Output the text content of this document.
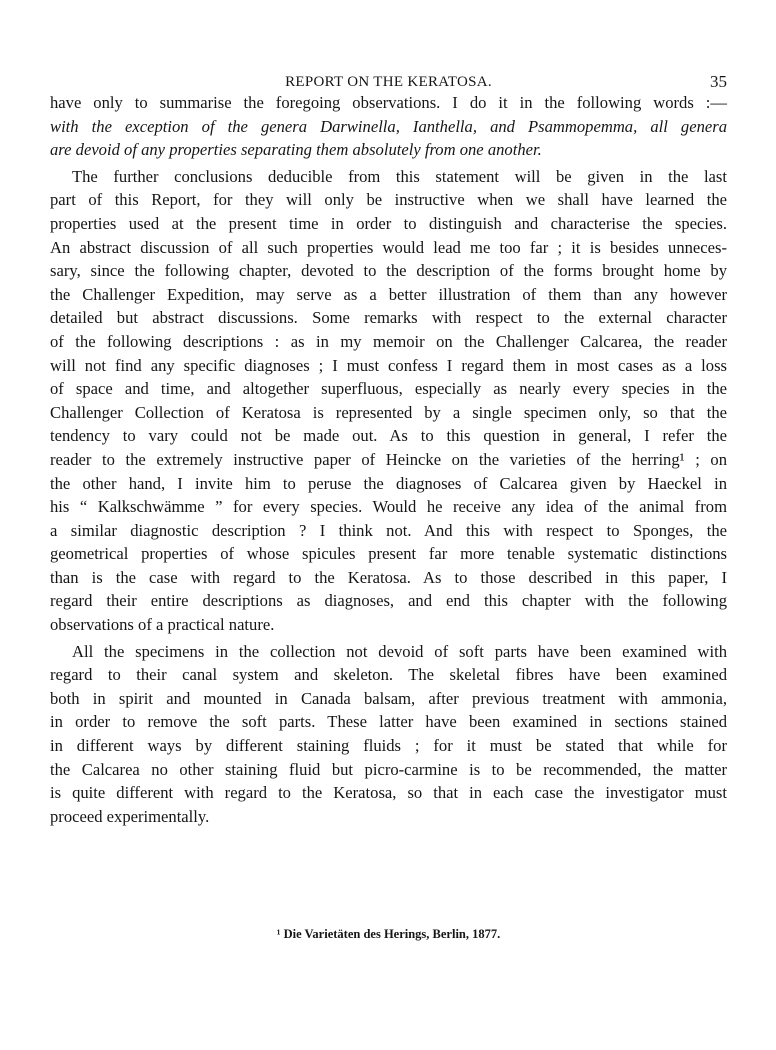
REPORT ON THE KERATOSA.	35
have only to summarise the foregoing observations. I do it in the following words :—
with the exception of the genera Darwinella, Ianthella, and Psammopemma, all genera
are devoid of any properties separating them absolutely from one another.
The further conclusions deducible from this statement will be given in the last
part of this Report, for they will only be instructive when we shall have learned the
properties used at the present time in order to distinguish and characterise the species.
An abstract discussion of all such properties would lead me too far ; it is besides unneces-
sary, since the following chapter, devoted to the description of the forms brought home by
the Challenger Expedition, may serve as a better illustration of them than any however
detailed but abstract discussions. Some remarks with respect to the external character
of the following descriptions : as in my memoir on the Challenger Calcarea, the reader
will not find any specific diagnoses ; I must confess I regard them in most cases as a loss
of space and time, and altogether superfluous, especially as nearly every species in the
Challenger Collection of Keratosa is represented by a single specimen only, so that the
tendency to vary could not be made out. As to this question in general, I refer the
reader to the extremely instructive paper of Heincke on the varieties of the herring¹ ; on
the other hand, I invite him to peruse the diagnoses of Calcarea given by Haeckel in
his “ Kalkschwämme ” for every species. Would he receive any idea of the animal from
a similar diagnostic description ? I think not. And this with respect to Sponges, the
geometrical properties of whose spicules present far more tenable systematic distinctions
than is the case with regard to the Keratosa. As to those described in this paper, I
regard their entire descriptions as diagnoses, and end this chapter with the following
observations of a practical nature.
All the specimens in the collection not devoid of soft parts have been examined with
regard to their canal system and skeleton. The skeletal fibres have been examined
both in spirit and mounted in Canada balsam, after previous treatment with ammonia,
in order to remove the soft parts. These latter have been examined in sections stained
in different ways by different staining fluids ; for it must be stated that while for
the Calcarea no other staining fluid but picro-carmine is to be recommended, the matter
is quite different with regard to the Keratosa, so that in each case the investigator must
proceed experimentally.
¹ Die Varietäten des Herings, Berlin, 1877.
